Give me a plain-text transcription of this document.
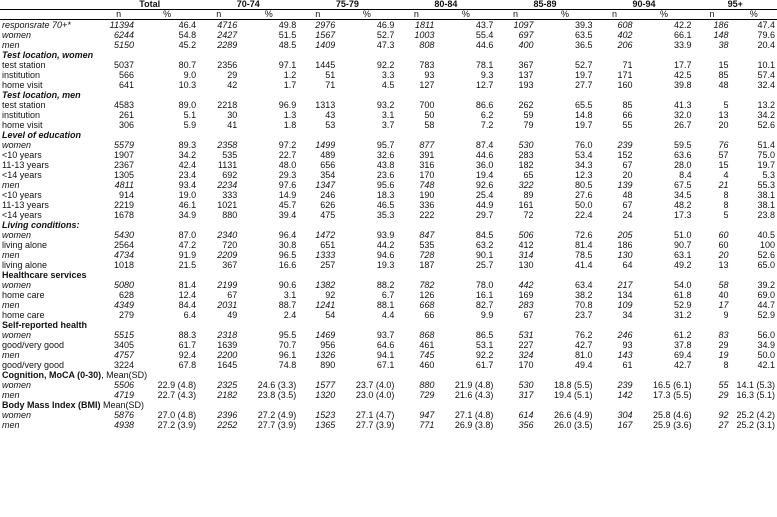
	Total		70-74		75-79		80-84		85-89		90-94		95+	
	n	%	n	%	n	%	n	%	n	%	n	%	n	%
responsrate 70+*	11394	46.4	4716	49.8	2976	46.9	1811	43.7	1097	39.3	608	42.2	186	47.4
women	6244	54.8	2427	51.5	1567	52.7	1003	55.4	697	63.5	402	66.1	148	79.6
men	5150	45.2	2289	48.5	1409	47.3	808	44.6	400	36.5	206	33.9	38	20.4
Test location, women														
test station	5037	80.7	2356	97.1	1445	92.2	783	78.1	367	52.7	71	17.7	15	10.1
institution	566	9.0	29	1.2	51	3.3	93	9.3	137	19.7	171	42.5	85	57.4
home visit	641	10.3	42	1.7	71	4.5	127	12.7	193	27.7	160	39.8	48	32.4
Test location, men														
test station	4583	89.0	2218	96.9	1313	93.2	700	86.6	262	65.5	85	41.3	5	13.2
institution	261	5.1	30	1.3	43	3.1	50	6.2	59	14.8	66	32.0	13	34.2
home visit	306	5.9	41	1.8	53	3.7	58	7.2	79	19.7	55	26.7	20	52.6
Level of education														
women	5579	89.3	2358	97.2	1499	95.7	877	87.4	530	76.0	239	59.5	76	51.4
<10 years	1907	34.2	535	22.7	489	32.6	391	44.6	283	53.4	152	63.6	57	75.0
11-13 years	2367	42.4	1131	48.0	656	43.8	316	36.0	182	34.3	67	28.0	15	19.7
<14 years	1305	23.4	692	29.3	354	23.6	170	19.4	65	12.3	20	8.4	4	5.3
men	4811	93.4	2234	97.6	1347	95.6	748	92.6	322	80.5	139	67.5	21	55.3
<10 years	914	19.0	333	14.9	246	18.3	190	25.4	89	27.6	48	34.5	8	38.1
11-13 years	2219	46.1	1021	45.7	626	46.5	336	44.9	161	50.0	67	48.2	8	38.1
<14 years	1678	34.9	880	39.4	475	35.3	222	29.7	72	22.4	24	17.3	5	23.8
Living conditions:														
women	5430	87.0	2340	96.4	1472	93.9	847	84.5	506	72.6	205	51.0	60	40.5
living alone	2564	47.2	720	30.8	651	44.2	535	63.2	412	81.4	186	90.7	60	100
men	4734	91.9	2209	96.5	1333	94.6	728	90.1	314	78.5	130	63.1	20	52.6
living alone	1018	21.5	367	16.6	257	19.3	187	25.7	130	41.4	64	49.2	13	65.0
Healthcare services														
women	5080	81.4	2199	90.6	1382	88.2	782	78.0	442	63.4	217	54.0	58	39.2
home care	628	12.4	67	3.1	92	6.7	126	16.1	169	38.2	134	61.8	40	69.0
men	4349	84.4	2031	88.7	1241	88.1	668	82.7	283	70.8	109	52.9	17	44.7
home care	279	6.4	49	2.4	54	4.4	66	9.9	67	23.7	34	31.2	9	52.9
Self-reported health														
women	5515	88.3	2318	95.5	1469	93.7	868	86.5	531	76.2	246	61.2	83	56.0
good/very good	3405	61.7	1639	70.7	956	64.6	461	53.1	227	42.7	93	37.8	29	34.9
men	4757	92.4	2200	96.1	1326	94.1	745	92.2	324	81.0	143	69.4	19	50.0
good/very good	3224	67.8	1645	74.8	890	67.1	460	61.7	170	49.4	61	42.7	8	42.1
Cognition, MoCA (0-30), Mean(SD)														
women	5506	22.9 (4.8)	2325	24.6 (3.3)	1577	23.7 (4.0)	880	21.9 (4.8)	530	18.8 (5.5)	239	16.5 (6.1)	55	14.1 (5.3)
men	4719	22.7 (4.3)	2182	23.8 (3.5)	1320	23.0 (4.0)	729	21.6 (4.3)	317	19.4 (5.1)	142	17.3 (5.5)	29	16.3 (5.1)
Body Mass Index (BMI) Mean(SD)														
women	5876	27.0 (4.8)	2396	27.2 (4.9)	1523	27.1 (4.7)	947	27.1 (4.8)	614	26.6 (4.9)	304	25.8 (4.6)	92	25.2 (4.2)
men	4938	27.2 (3.9)	2252	27.7 (3.9)	1365	27.7 (3.9)	771	26.9 (3.8)	356	26.0 (3.5)	167	25.9 (3.6)	27	25.2 (3.1)
